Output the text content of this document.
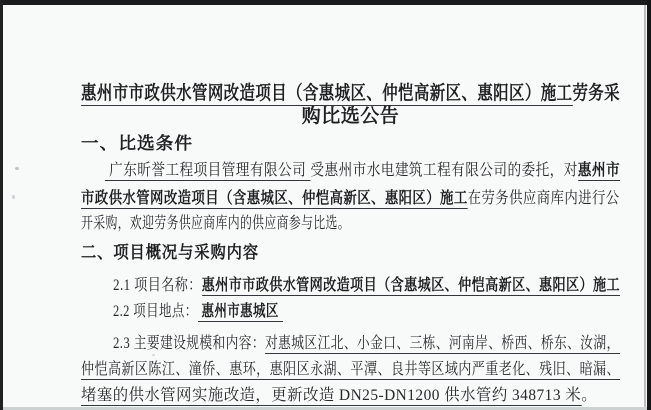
惠州市市政供水管网改造项目（含惠城区、仲恺高新区、惠阳区）施工劳务采
购比选公告
一、比选条件
广东昕誉工程项目管理有限公司 受惠州市水电建筑工程有限公司的委托，对惠州市
市政供水管网改造项目（含惠城区、仲恺高新区、惠阳区）施工在劳务供应商库内进行公
开采购，欢迎劳务供应商库内的供应商参与比选。
二、项目概况与采购内容
2.1 项目名称：惠州市市政供水管网改造项目（含惠城区、仲恺高新区、惠阳区）施工
2.2 项目地点： 惠州市惠城区
2.3 主要建设规模和内容：对惠城区江北、小金口、三栋、河南岸、桥西、桥东、汝湖，
仲恺高新区陈江、潼侨、惠环，惠阳区永湖、平潭、良井等区域内严重老化、残旧、暗漏、
堵塞的供水管网实施改造，更新改造 DN25-DN1200 供水管约 348713 米。
